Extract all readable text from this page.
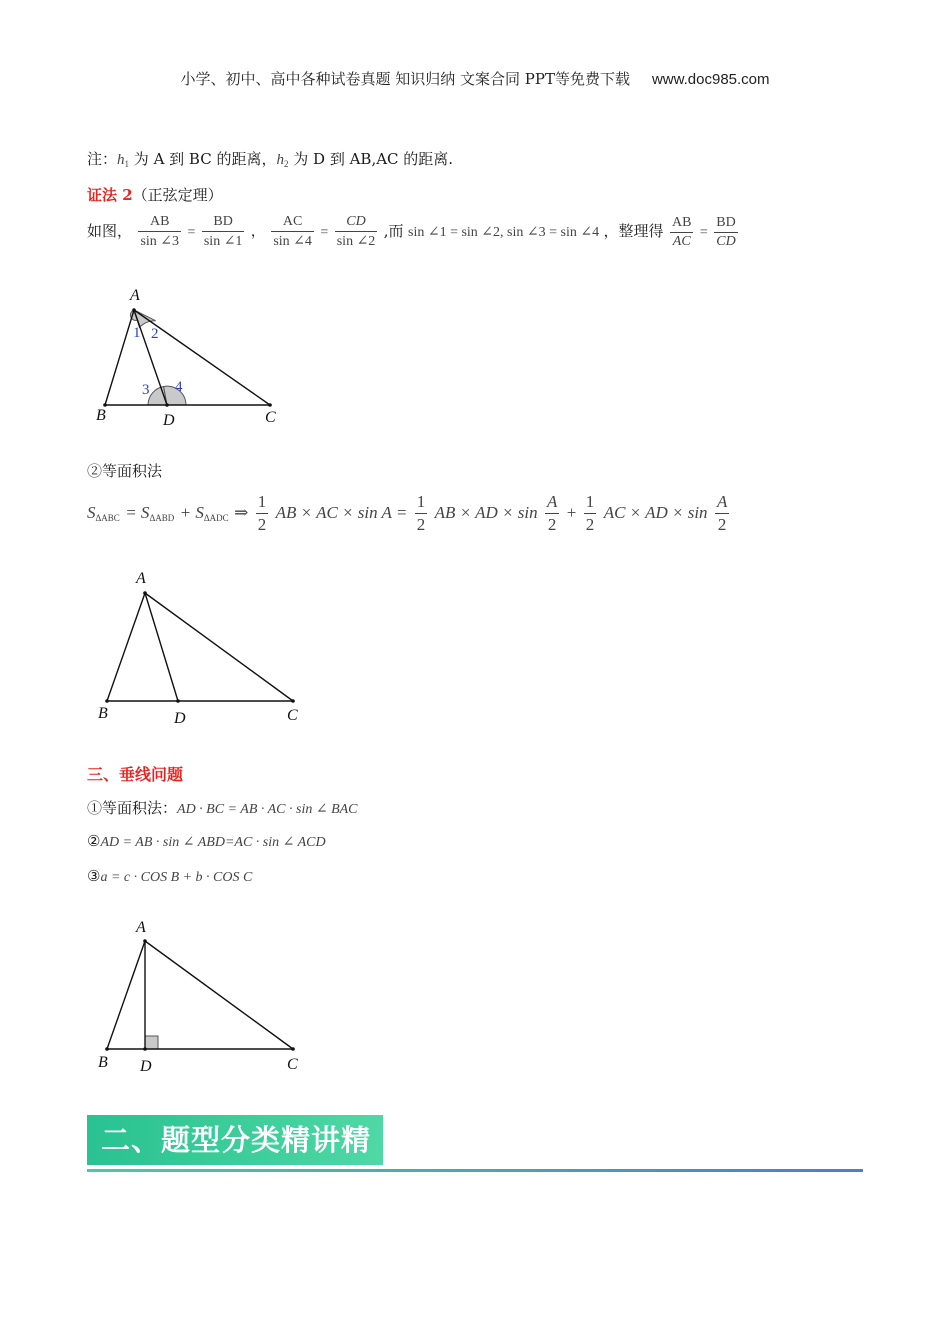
小学、初中、高中各种试卷真题 知识归纳 文案合同 PPT等免费下载 www.doc985.com
注：$h_1$ 为 A 到 BC 的距离，$h_2$ 为 D 到 AB,AC 的距离.
证法 2（正弦定理）
如图， $\frac{AB}{\sin \angle 3} = \frac{BD}{\sin \angle 1}$ ， $\frac{AC}{\sin \angle 4} = \frac{CD}{\sin \angle 2}$ ,而 sin ∠1 = sin ∠2, sin ∠3 = sin ∠4 ，整理得 $\frac{AB}{AC} = \frac{BD}{CD}$
A
B	D	C
1 2
3 4
②等面积法
$S_{\Delta ABC} = S_{\Delta ABD} + S_{\Delta ADC}$ ⇒ $\frac{1}{2}$ AB × AC × $\sin A = \frac{1}{2}$ AB × AD × $\sin \frac{A}{2} + \frac{1}{2}$ AC × AD × $\sin \frac{A}{2}$
A
B	D	C
三、垂线问题
①等面积法：AD · BC = AB · AC · sin ∠ BAC
②AD = AB · sin ∠ ABD=AC · sin ∠ ACD
③a = c · COS B + b · COS C
A
B D	C
二、题型分类精讲精练
